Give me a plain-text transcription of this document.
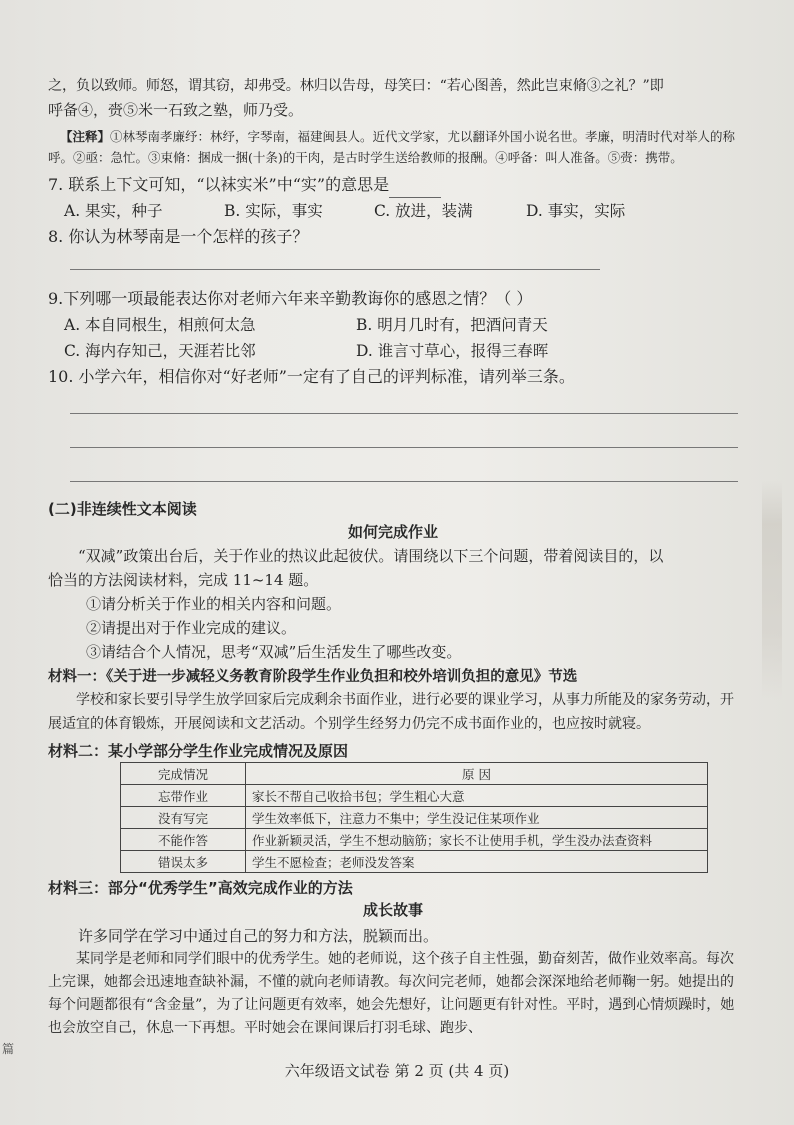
篇

之，负以致师。师怒，谓其窃，却弗受。林归以告母，母笑曰：“若心图善，然此岂束脩③之礼？”即

呼备④，赍⑤米一石致之塾，师乃受。

【注释】①林琴南孝廉纾：林纾，字琴南，福建闽县人。近代文学家，尤以翻译外国小说名世。孝廉，明清时代对举人的称呼。②亟：急忙。③束脩：捆成一捆(十条)的干肉，是古时学生送给教师的报酬。④呼备：叫人准备。⑤赍：携带。

7. 联系上下文可知，“以袜实米”中“实”的意思是

A. 果实，种子	B. 实际，事实	C. 放进，装满	D. 事实，实际

8. 你认为林琴南是一个怎样的孩子？

9.下列哪一项最能表达你对老师六年来辛勤教诲你的感恩之情？（ ）

A. 本自同根生，相煎何太急	B. 明月几时有，把酒问青天
C. 海内存知己，天涯若比邻	D. 谁言寸草心，报得三春晖

10. 小学六年，相信你对“好老师”一定有了自己的评判标准，请列举三条。

(二)非连续性文本阅读

如何完成作业

“双减”政策出台后，关于作业的热议此起彼伏。请围绕以下三个问题，带着阅读目的，以

恰当的方法阅读材料，完成 11~14 题。

①请分析关于作业的相关内容和问题。
②请提出对于作业完成的建议。
③请结合个人情况，思考“双减”后生活发生了哪些改变。

材料一：《关于进一步减轻义务教育阶段学生作业负担和校外培训负担的意见》节选

学校和家长要引导学生放学回家后完成剩余书面作业，进行必要的课业学习，从事力所能及的家务劳动，开展适宜的体育锻炼，开展阅读和文艺活动。个别学生经努力仍完不成书面作业的，也应按时就寝。

材料二：某小学部分学生作业完成情况及原因

完成情况	原 因
忘带作业	家长不帮自己收拾书包；学生粗心大意
没有写完	学生效率低下，注意力不集中；学生没记住某项作业
不能作答	作业新颖灵活，学生不想动脑筋；家长不让使用手机，学生没办法查资料
错误太多	学生不愿检查；老师没发答案

材料三：部分“优秀学生”高效完成作业的方法

成长故事

许多同学在学习中通过自己的努力和方法，脱颖而出。

某同学是老师和同学们眼中的优秀学生。她的老师说，这个孩子自主性强，勤奋刻苦，做作业效率高。每次上完课，她都会迅速地查缺补漏，不懂的就向老师请教。每次问完老师，她都会深深地给老师鞠一躬。她提出的每个问题都很有“含金量”，为了让问题更有效率，她会先想好，让问题更有针对性。平时，遇到心情烦躁时，她也会放空自己，休息一下再想。平时她会在课间课后打羽毛球、跑步、

六年级语文试卷 第 2 页 (共 4 页)
